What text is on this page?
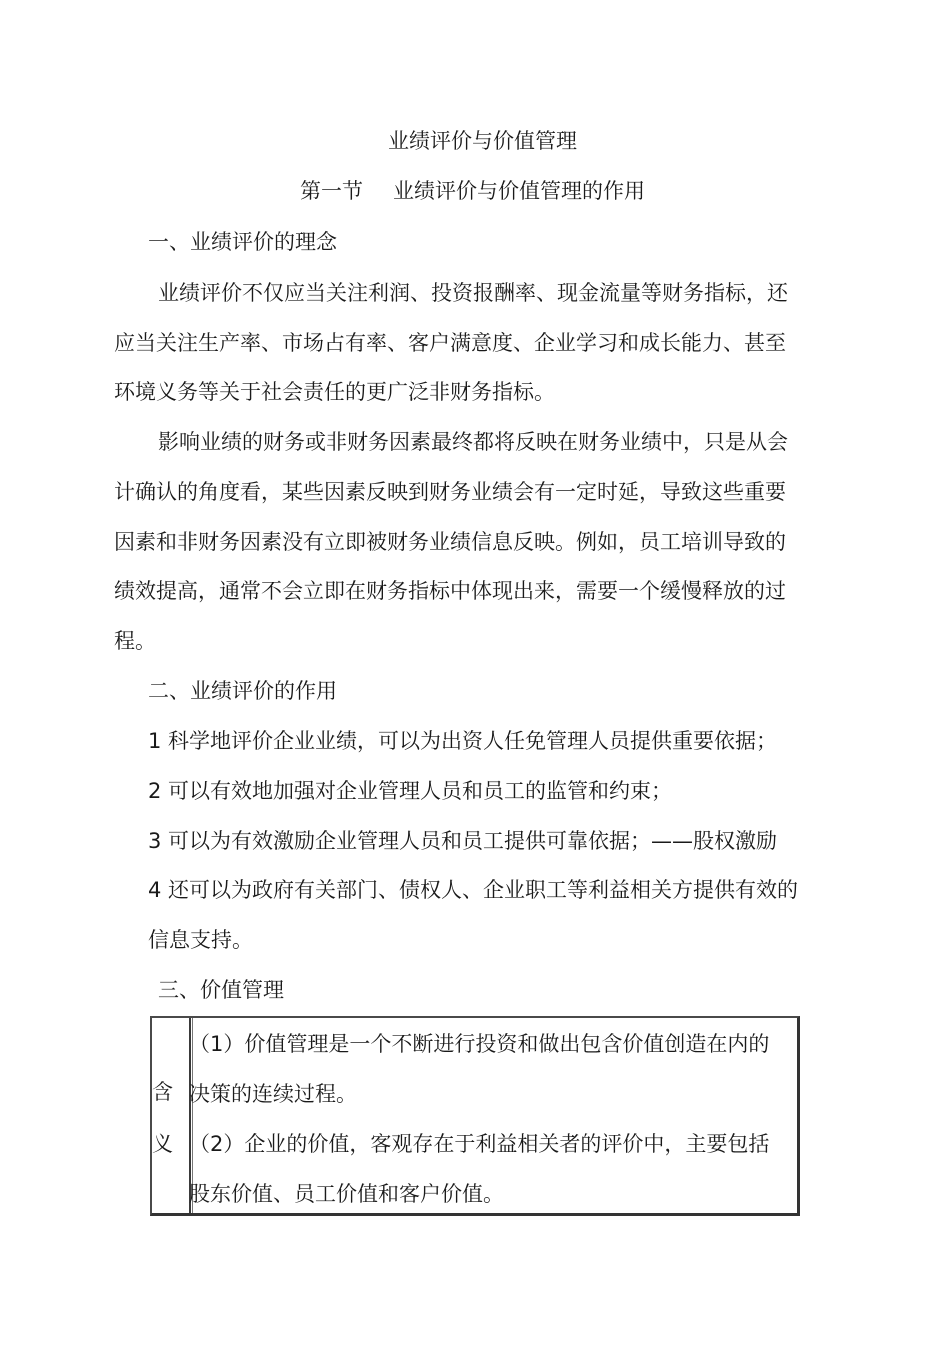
业绩评价与价值管理
第一节 业绩评价与价值管理的作用
一、业绩评价的理念
业绩评价不仅应当关注利润、投资报酬率、现金流量等财务指标，还
应当关注生产率、市场占有率、客户满意度、企业学习和成长能力、甚至
环境义务等关于社会责任的更广泛非财务指标。
影响业绩的财务或非财务因素最终都将反映在财务业绩中，只是从会
计确认的角度看，某些因素反映到财务业绩会有一定时延，导致这些重要
因素和非财务因素没有立即被财务业绩信息反映。例如，员工培训导致的
绩效提高，通常不会立即在财务指标中体现出来，需要一个缓慢释放的过
程。
二、业绩评价的作用
1 科学地评价企业业绩，可以为出资人任免管理人员提供重要依据；
2 可以有效地加强对企业管理人员和员工的监管和约束；
3 可以为有效激励企业管理人员和员工提供可靠依据；——股权激励
4 还可以为政府有关部门、债权人、企业职工等利益相关方提供有效的
信息支持。
三、价值管理
含
义
（1）价值管理是一个不断进行投资和做出包含价值创造在内的
决策的连续过程。
（2）企业的价值，客观存在于利益相关者的评价中，主要包括
股东价值、员工价值和客户价值。
